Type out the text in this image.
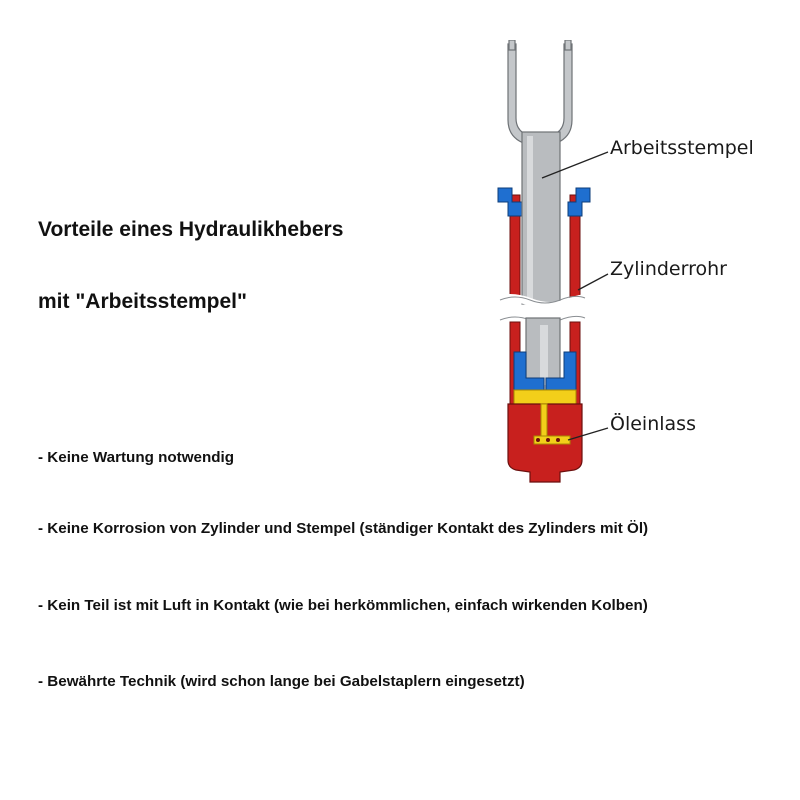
Vorteile eines Hydraulikhebers
mit "Arbeitsstempel"
- Keine Wartung notwendig
- Keine Korrosion von Zylinder und Stempel (ständiger Kontakt des Zylinders mit Öl)
- Kein Teil ist mit Luft in Kontakt (wie bei herkömmlichen, einfach wirkenden Kolben)
- Bewährte Technik (wird schon lange bei Gabelstaplern eingesetzt)
Arbeitsstempel
Zylinderrohr
Öleinlass
